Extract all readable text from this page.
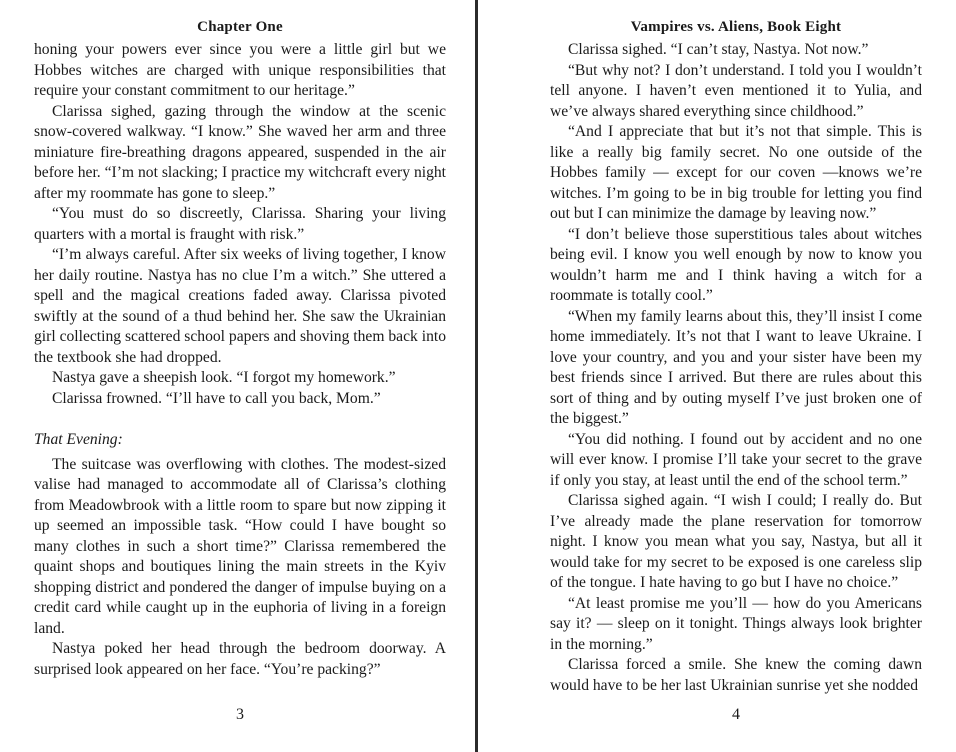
Chapter One

honing your powers ever since you were a little girl but we Hobbes witches are charged with unique responsibilities that require your constant commitment to our heritage.”

Clarissa sighed, gazing through the window at the scenic snow-covered walkway. “I know.” She waved her arm and three miniature fire-breathing dragons appeared, suspended in the air before her. “I’m not slacking; I practice my witchcraft every night after my roommate has gone to sleep.”

“You must do so discreetly, Clarissa. Sharing your living quarters with a mortal is fraught with risk.”

“I’m always careful. After six weeks of living together, I know her daily routine. Nastya has no clue I’m a witch.” She uttered a spell and the magical creations faded away. Clarissa pivoted swiftly at the sound of a thud behind her. She saw the Ukrainian girl collecting scattered school papers and shoving them back into the textbook she had dropped.

Nastya gave a sheepish look. “I forgot my homework.”

Clarissa frowned. “I’ll have to call you back, Mom.”

That Evening:

The suitcase was overflowing with clothes. The modest-sized valise had managed to accommodate all of Clarissa’s clothing from Meadowbrook with a little room to spare but now zipping it up seemed an impossible task. “How could I have bought so many clothes in such a short time?” Clarissa remembered the quaint shops and boutiques lining the main streets in the Kyiv shopping district and pondered the danger of impulse buying on a credit card while caught up in the euphoria of living in a foreign land.

Nastya poked her head through the bedroom doorway. A surprised look appeared on her face. “You’re packing?”

3
Vampires vs. Aliens, Book Eight

Clarissa sighed. “I can’t stay, Nastya. Not now.”

“But why not? I don’t understand. I told you I wouldn’t tell anyone. I haven’t even mentioned it to Yulia, and we’ve always shared everything since childhood.”

“And I appreciate that but it’s not that simple. This is like a really big family secret. No one outside of the Hobbes family — except for our coven —knows we’re witches. I’m going to be in big trouble for letting you find out but I can minimize the damage by leaving now.”

“I don’t believe those superstitious tales about witches being evil. I know you well enough by now to know you wouldn’t harm me and I think having a witch for a roommate is totally cool.”

“When my family learns about this, they’ll insist I come home immediately. It’s not that I want to leave Ukraine. I love your country, and you and your sister have been my best friends since I arrived. But there are rules about this sort of thing and by outing myself I’ve just broken one of the biggest.”

“You did nothing. I found out by accident and no one will ever know. I promise I’ll take your secret to the grave if only you stay, at least until the end of the school term.”

Clarissa sighed again. “I wish I could; I really do. But I’ve already made the plane reservation for tomorrow night. I know you mean what you say, Nastya, but all it would take for my secret to be exposed is one careless slip of the tongue. I hate having to go but I have no choice.”

“At least promise me you’ll — how do you Americans say it? — sleep on it tonight. Things always look brighter in the morning.”

Clarissa forced a smile. She knew the coming dawn would have to be her last Ukrainian sunrise yet she nodded

4
